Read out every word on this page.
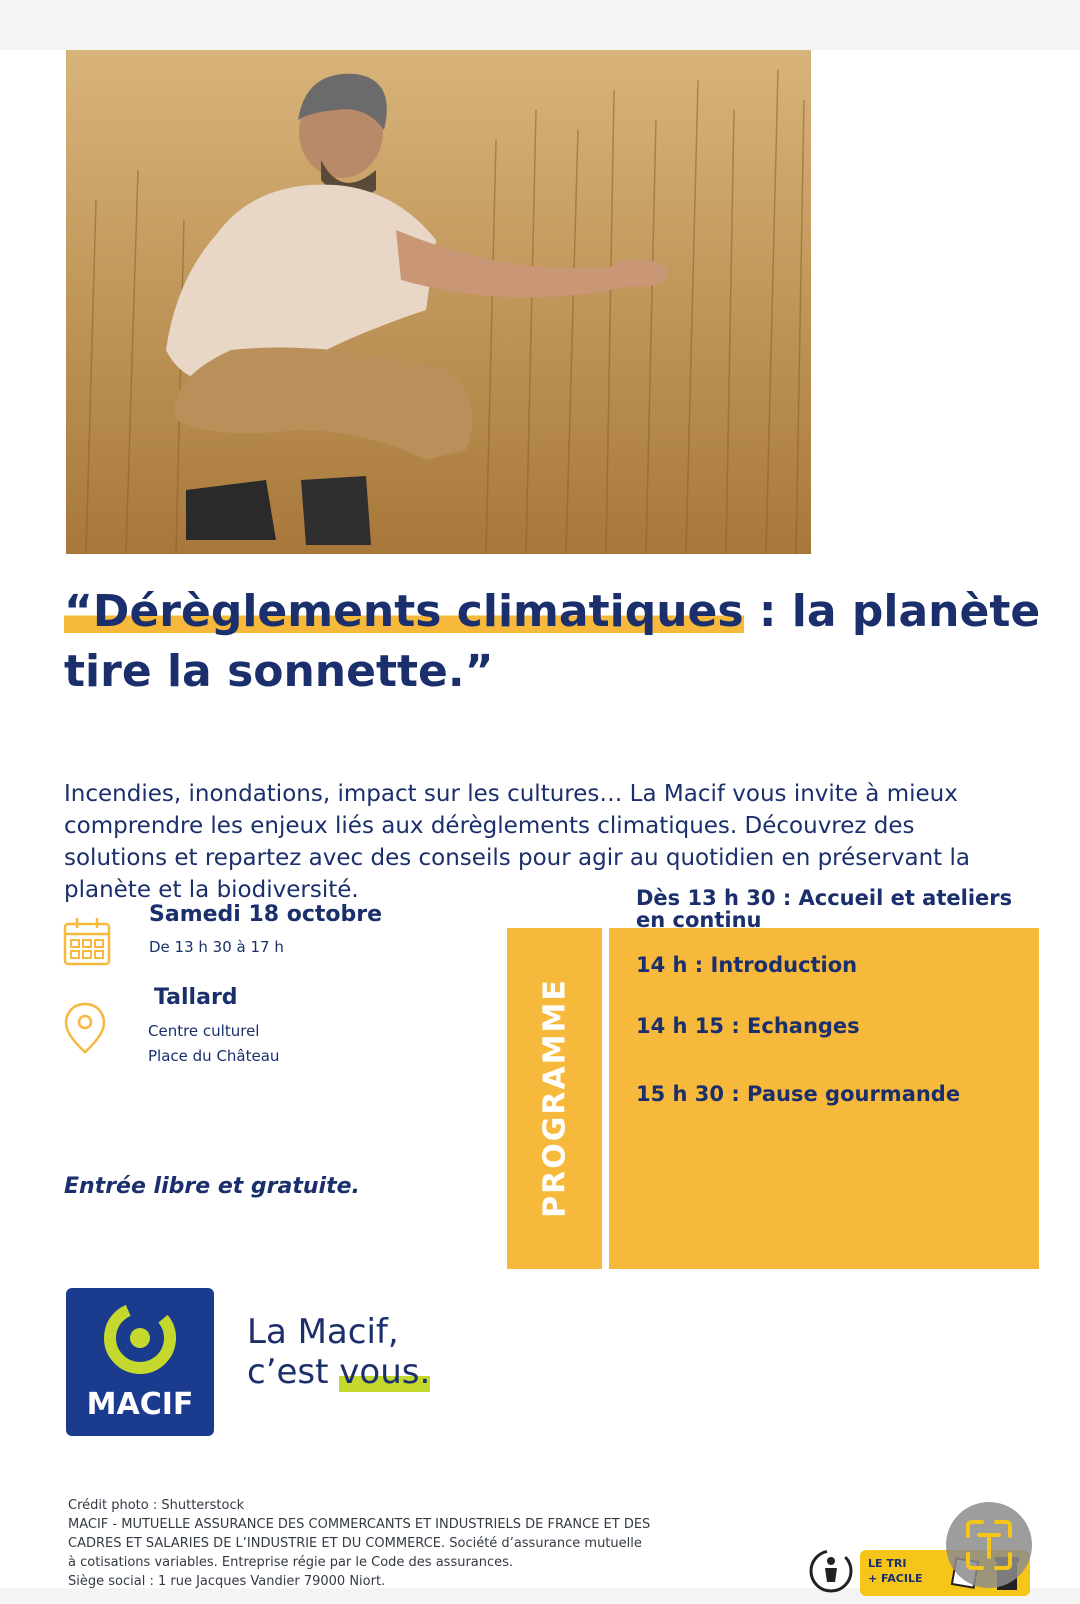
“Dérèglements climatiques : la planète tire la sonnette.”
Incendies, inondations, impact sur les cultures… La Macif vous invite à mieux comprendre les enjeux liés aux dérèglements climatiques. Découvrez des solutions et repartez avec des conseils pour agir au quotidien en préservant la planète et la biodiversité.
Samedi 18 octobre
De 13 h 30 à 17 h
Tallard
Centre culturel
Place du Château
Entrée libre et gratuite.	PROGRAMME
Dès 13 h 30 : Accueil et ateliers en continu
14 h : Introduction
14 h 15 : Echanges
15 h 30 : Pause gourmande
MACIF
La Macif,
c’est vous.
Crédit photo : Shutterstock
MACIF - MUTUELLE ASSURANCE DES COMMERCANTS ET INDUSTRIELS DE FRANCE ET DES
CADRES ET SALARIES DE L’INDUSTRIE ET DU COMMERCE. Société d’assurance mutuelle
à cotisations variables. Entreprise régie par le Code des assurances.
Siège social : 1 rue Jacques Vandier 79000 Niort.
LE TRI
+ FACILE
